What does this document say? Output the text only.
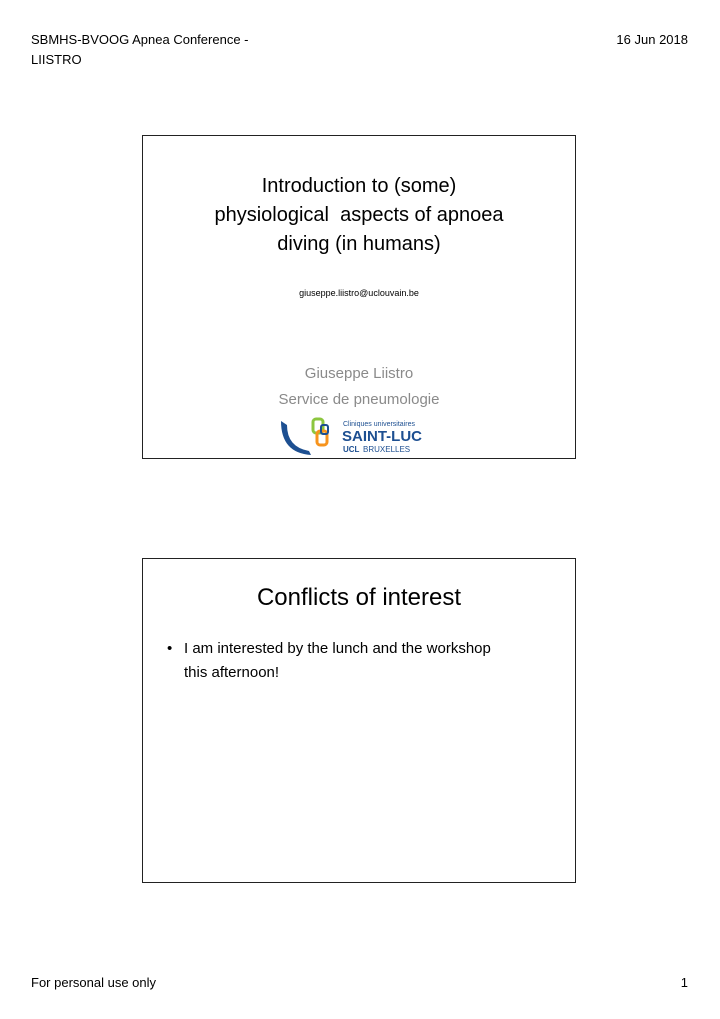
SBMHS-BVOOG Apnea Conference -
LIISTRO
16 Jun 2018
Introduction to (some)
physiological  aspects of apnoea
diving (in humans)
giuseppe.liistro@uclouvain.be
Giuseppe Liistro
Service de pneumologie
Cliniques universitaires
SAINT-LUC
UCL BRUXELLES
Conflicts of interest
• I am interested by the lunch and the workshop
this afternoon!
For personal use only	1
